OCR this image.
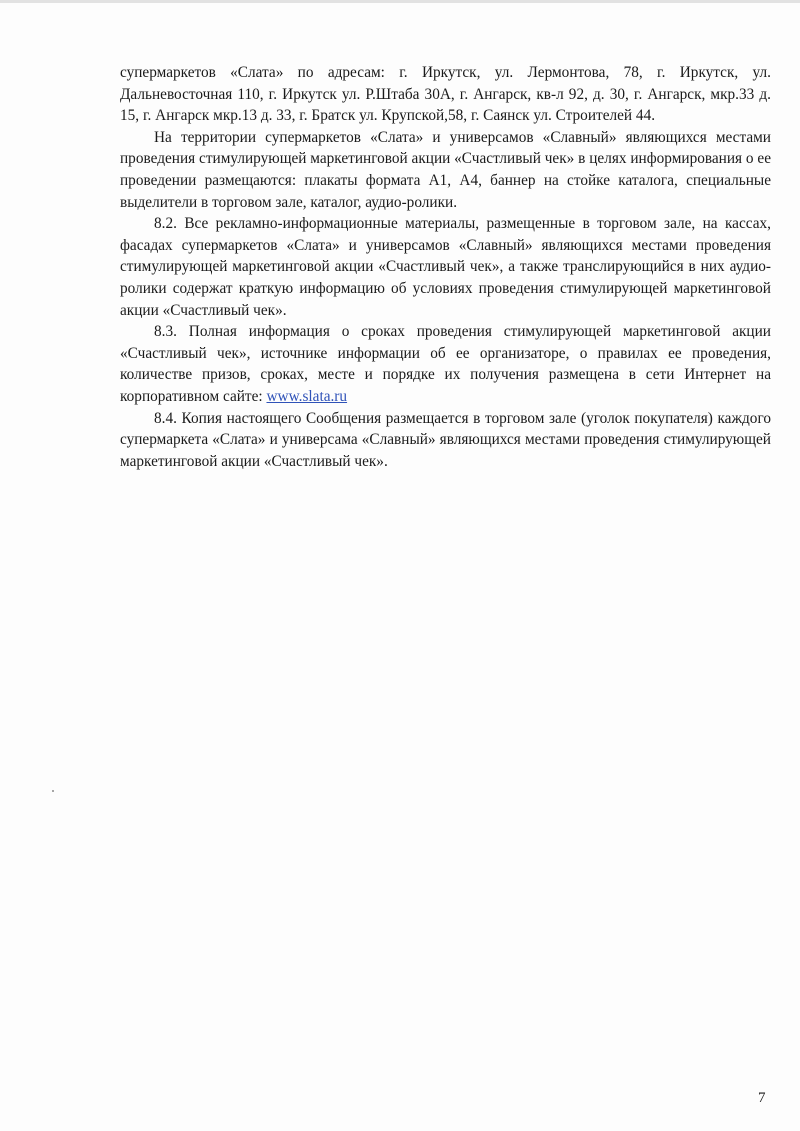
супермаркетов «Слата» по адресам: г. Иркутск, ул. Лермонтова, 78, г. Иркутск, ул. Дальневосточная 110, г. Иркутск ул. Р.Штаба 30А, г. Ангарск, кв-л 92, д. 30, г. Ангарск, мкр.33 д. 15, г. Ангарск мкр.13 д. 33, г. Братск ул. Крупской,58, г. Саянск ул. Строителей 44.

На территории супермаркетов «Слата» и универсамов «Славный» являющихся местами проведения стимулирующей маркетинговой акции «Счастливый чек» в целях информирования о ее проведении размещаются: плакаты формата А1, А4, баннер на стойке каталога, специальные выделители в торговом зале, каталог, аудио-ролики.

8.2. Все рекламно-информационные материалы, размещенные в торговом зале, на кассах, фасадах супермаркетов «Слата» и универсамов «Славный» являющихся местами проведения стимулирующей маркетинговой акции «Счастливый чек», а также транслирующийся в них аудио-ролики содержат краткую информацию об условиях проведения стимулирующей маркетинговой акции «Счастливый чек».

8.3. Полная информация о сроках проведения стимулирующей маркетинговой акции «Счастливый чек», источнике информации об ее организаторе, о правилах ее проведения, количестве призов, сроках, месте и порядке их получения размещена в сети Интернет на корпоративном сайте: www.slata.ru

8.4. Копия настоящего Сообщения размещается в торговом зале (уголок покупателя) каждого супермаркета «Слата» и универсама «Славный» являющихся местами проведения стимулирующей маркетинговой акции «Счастливый чек».

7
